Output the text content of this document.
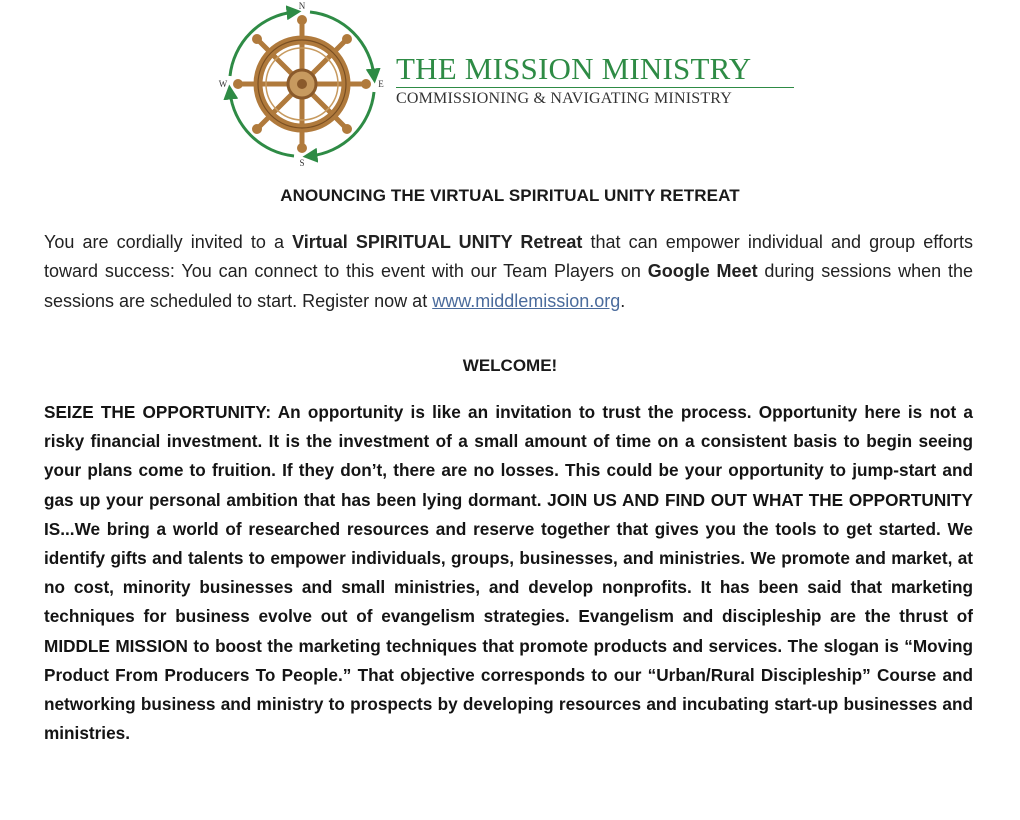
N
S
E
W	THE MISSION MINISTRY
COMMISSIONING & NAVIGATING MINISTRY
ANOUNCING THE VIRTUAL SPIRITUAL UNITY RETREAT
You are cordially invited to a Virtual SPIRITUAL UNITY Retreat that can empower individual and group efforts toward success: You can connect to this event with our Team Players on Google Meet during sessions when the sessions are scheduled to start. Register now at www.middlemission.org.
WELCOME!
SEIZE THE OPPORTUNITY: An opportunity is like an invitation to trust the process. Opportunity here is not a risky financial investment. It is the investment of a small amount of time on a consistent basis to begin seeing your plans come to fruition. If they don’t, there are no losses. This could be your opportunity to jump-start and gas up your personal ambition that has been lying dormant. JOIN US AND FIND OUT WHAT THE OPPORTUNITY IS...We bring a world of researched resources and reserve together that gives you the tools to get started. We identify gifts and talents to empower individuals, groups, businesses, and ministries. We promote and market, at no cost, minority businesses and small ministries, and develop nonprofits. It has been said that marketing techniques for business evolve out of evangelism strategies. Evangelism and discipleship are the thrust of MIDDLE MISSION to boost the marketing techniques that promote products and services. The slogan is “Moving Product From Producers To People.” That objective corresponds to our “Urban/Rural Discipleship” Course and networking business and ministry to prospects by developing resources and incubating start-up businesses and ministries.
